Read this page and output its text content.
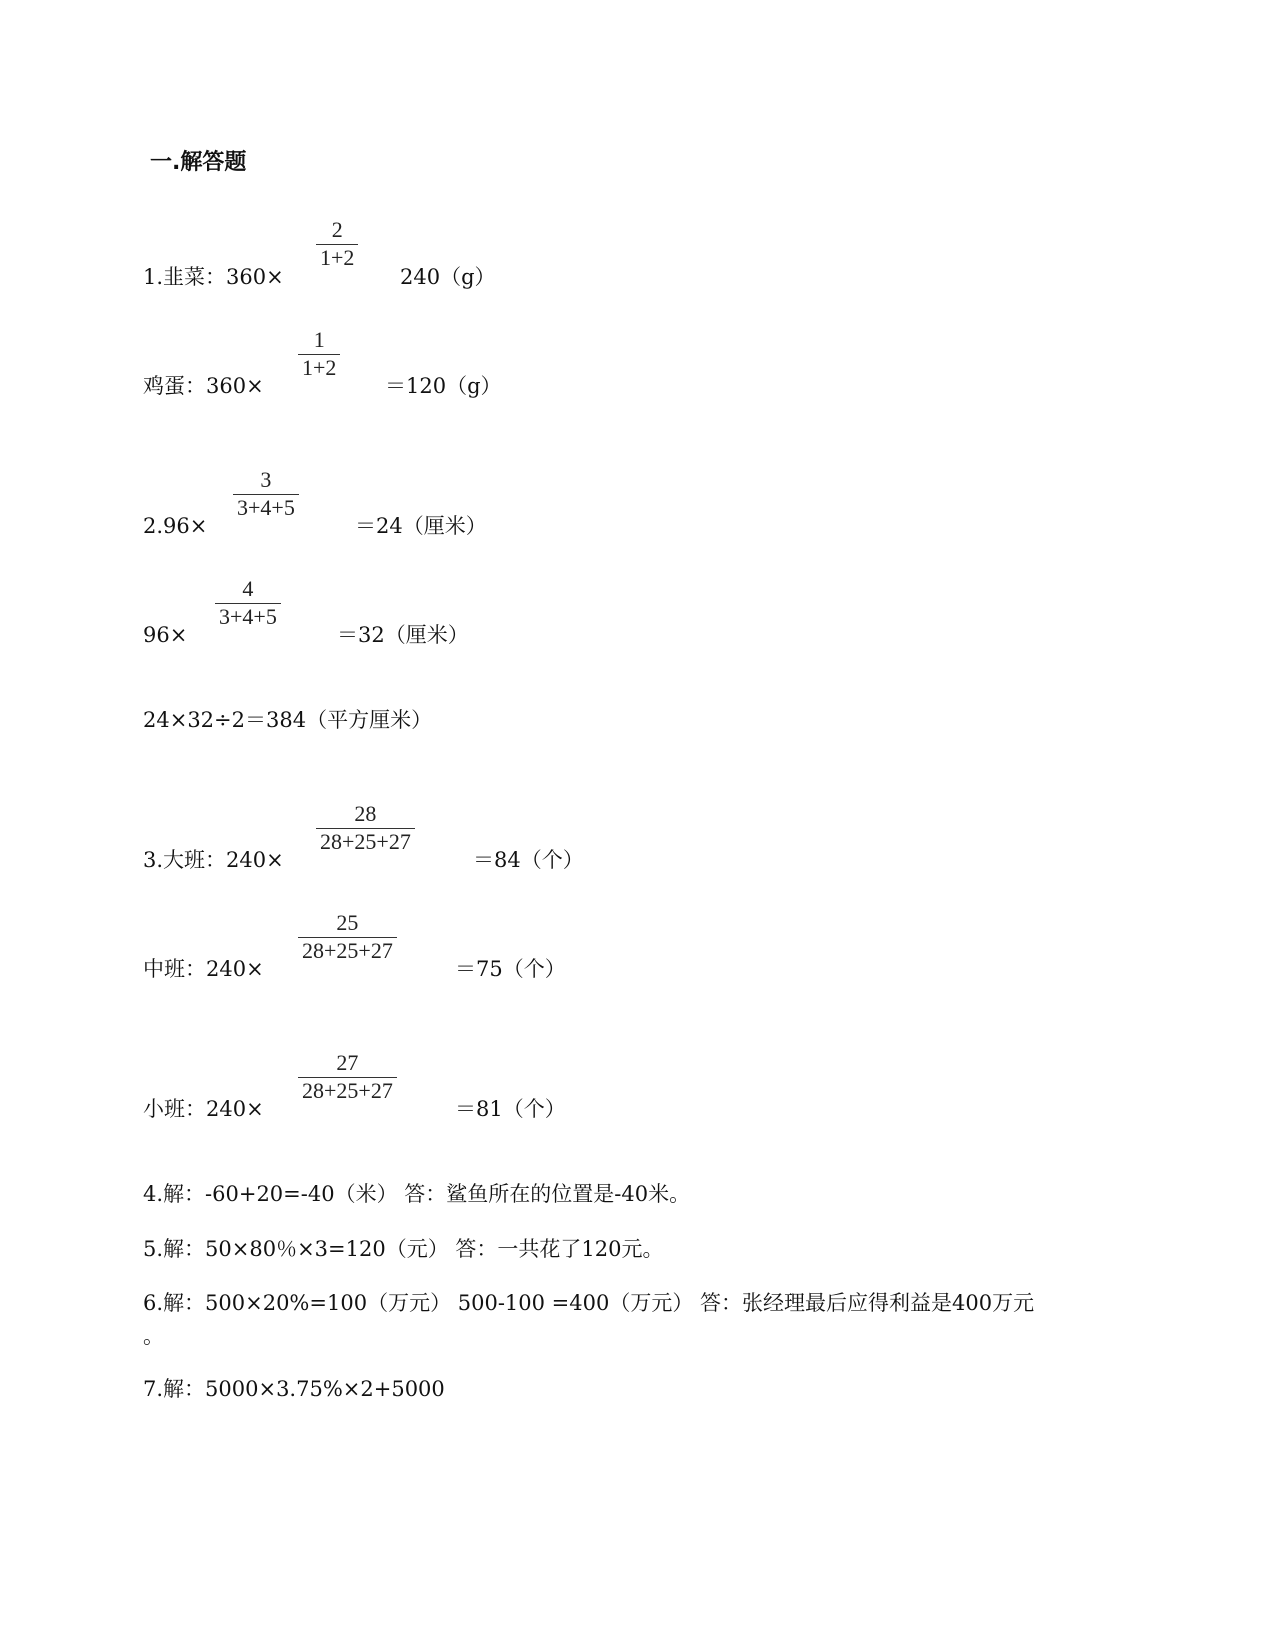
一.解答题
1.韭菜：360×
2
1+2
240（g）
鸡蛋：360×
1
1+2
＝120（g）
2.96×
3
3+4+5
＝24（厘米）
96×
4
3+4+5
＝32（厘米）
24×32÷2＝384（平方厘米）
3.大班：240×
28
28+25+27
＝84（个）
中班：240×
25
28+25+27
＝75（个）
小班：240×
27
28+25+27
＝81（个）
4.解：-60+20=-40（米） 答：鲨鱼所在的位置是-40米。
5.解：50×80％×3=120（元） 答：一共花了120元。
6.解：500×20%=100（万元） 500-100 =400（万元） 答：张经理最后应得利益是400万元
。
7.解：5000×3.75%×2+5000
